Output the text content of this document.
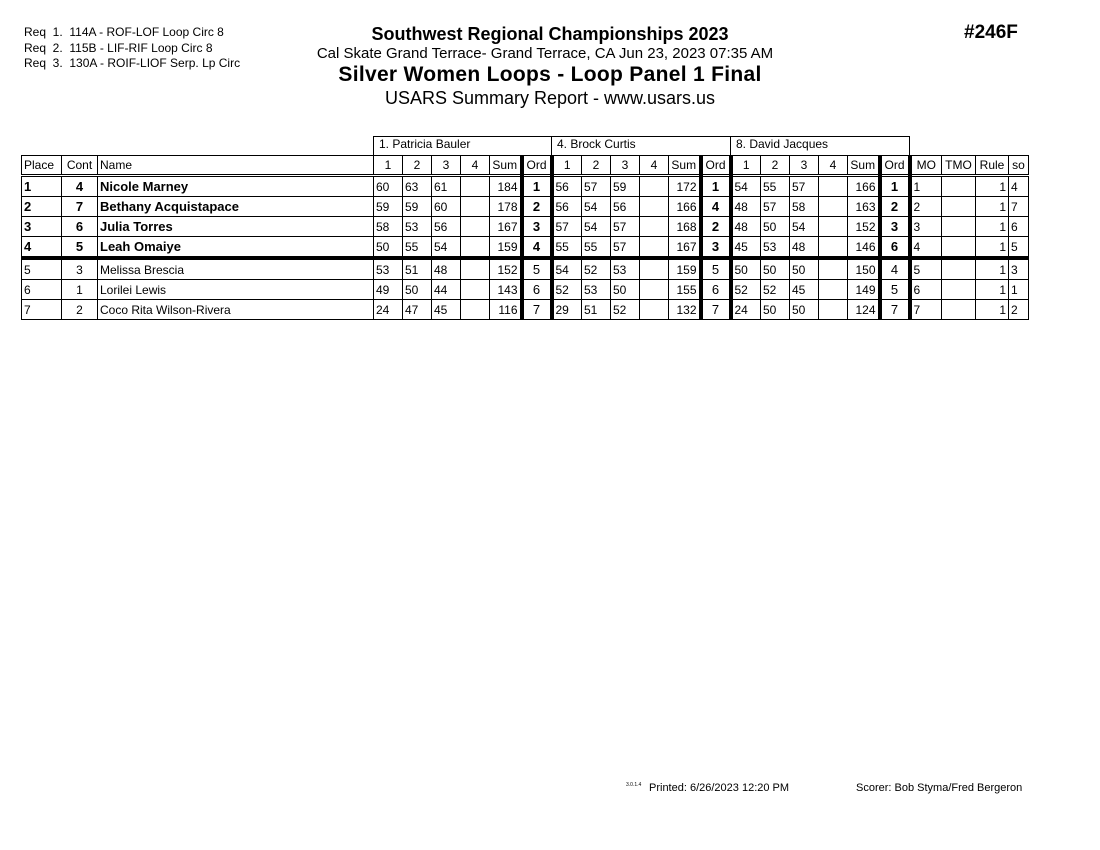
Req  1.  114A - ROF-LOF Loop Circ 8
Req  2.  115B - LIF-RIF Loop Circ 8
Req  3.  130A - ROIF-LIOF Serp. Lp Circ
Southwest Regional Championships 2023
Cal Skate Grand Terrace- Grand Terrace, CA Jun 23, 2023 07:35 AM
Silver Women Loops - Loop Panel 1 Final
USARS Summary Report - www.usars.us
#246F
			1. Patricia Bauler						4. Brock Curtis						8. David Jacques									
Place	Cont	Name	1	2	3	4	Sum	Ord	1	2	3	4	Sum	Ord	1	2	3	4	Sum	Ord	MO	TMO	Rule	so
1	4	Nicole Marney	60	63	61		184	1	56	57	59		172	1	54	55	57		166	1	1		1	4
2	7	Bethany Acquistapace	59	59	60		178	2	56	54	56		166	4	48	57	58		163	2	2		1	7
3	6	Julia Torres	58	53	56		167	3	57	54	57		168	2	48	50	54		152	3	3		1	6
4	5	Leah Omaiye	50	55	54		159	4	55	55	57		167	3	45	53	48		146	6	4		1	5
5	3	Melissa Brescia	53	51	48		152	5	54	52	53		159	5	50	50	50		150	4	5		1	3
6	1	Lorilei Lewis	49	50	44		143	6	52	53	50		155	6	52	52	45		149	5	6		1	1
7	2	Coco Rita Wilson-Rivera	24	47	45		116	7	29	51	52		132	7	24	50	50		124	7	7		1	2
3.0.1.4 Printed: 6/26/2023 12:20 PM	Scorer: Bob Styma/Fred Bergeron
